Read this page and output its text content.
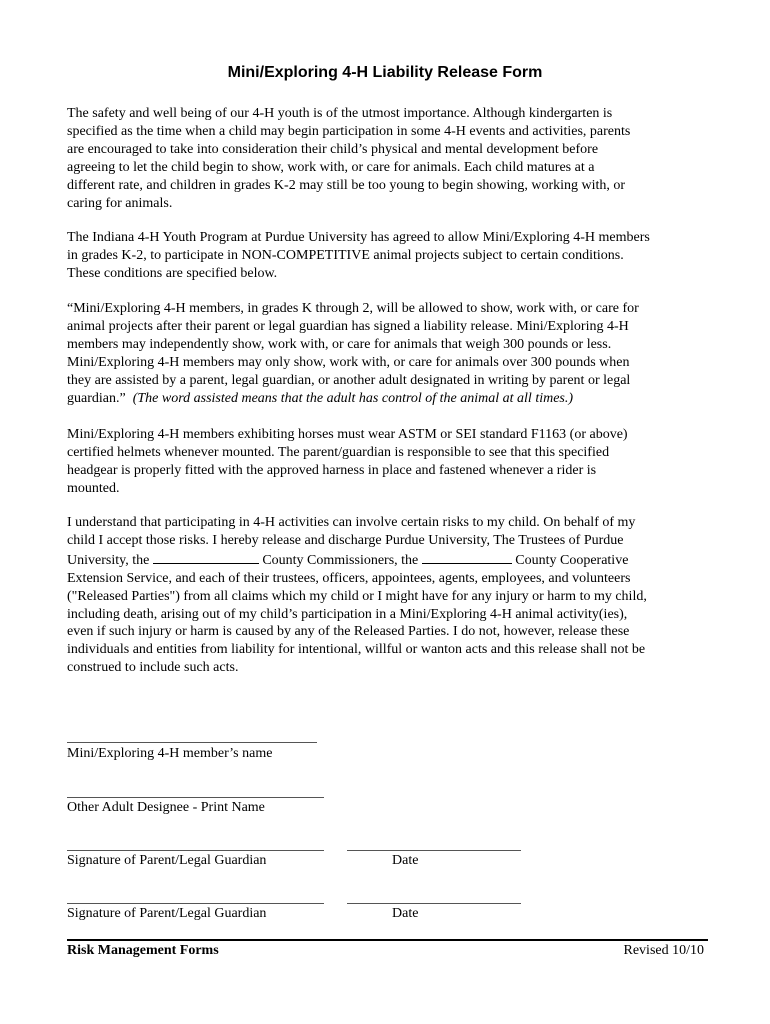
Mini/Exploring 4-H Liability Release Form
The safety and well being of our 4-H youth is of the utmost importance. Although kindergarten is
specified as the time when a child may begin participation in some 4-H events and activities, parents
are encouraged to take into consideration their child’s physical and mental development before
agreeing to let the child begin to show, work with, or care for animals. Each child matures at a
different rate, and children in grades K-2 may still be too young to begin showing, working with, or
caring for animals.
The Indiana 4-H Youth Program at Purdue University has agreed to allow Mini/Exploring 4-H members
in grades K-2, to participate in NON-COMPETITIVE animal projects subject to certain conditions.
These conditions are specified below.
“Mini/Exploring 4-H members, in grades K through 2, will be allowed to show, work with, or care for
animal projects after their parent or legal guardian has signed a liability release. Mini/Exploring 4-H
members may independently show, work with, or care for animals that weigh 300 pounds or less.
Mini/Exploring 4-H members may only show, work with, or care for animals over 300 pounds when
they are assisted by a parent, legal guardian, or another adult designated in writing by parent or legal
guardian.” (The word assisted means that the adult has control of the animal at all times.)
Mini/Exploring 4-H members exhibiting horses must wear ASTM or SEI standard F1163 (or above)
certified helmets whenever mounted. The parent/guardian is responsible to see that this specified
headgear is properly fitted with the approved harness in place and fastened whenever a rider is
mounted.
I understand that participating in 4-H activities can involve certain risks to my child. On behalf of my
child I accept those risks. I hereby release and discharge Purdue University, The Trustees of Purdue
University, the	County Commissioners, the	County Cooperative
Extension Service, and each of their trustees, officers, appointees, agents, employees, and volunteers
("Released Parties") from all claims which my child or I might have for any injury or harm to my child,
including death, arising out of my child’s participation in a Mini/Exploring 4-H animal activity(ies),
even if such injury or harm is caused by any of the Released Parties. I do not, however, release these
individuals and entities from liability for intentional, willful or wanton acts and this release shall not be
construed to include such acts.
Mini/Exploring 4-H member’s name
Other Adult Designee - Print Name
Signature of Parent/Legal Guardian	Date
Signature of Parent/Legal Guardian	Date
Risk Management Forms	Revised 10/10
